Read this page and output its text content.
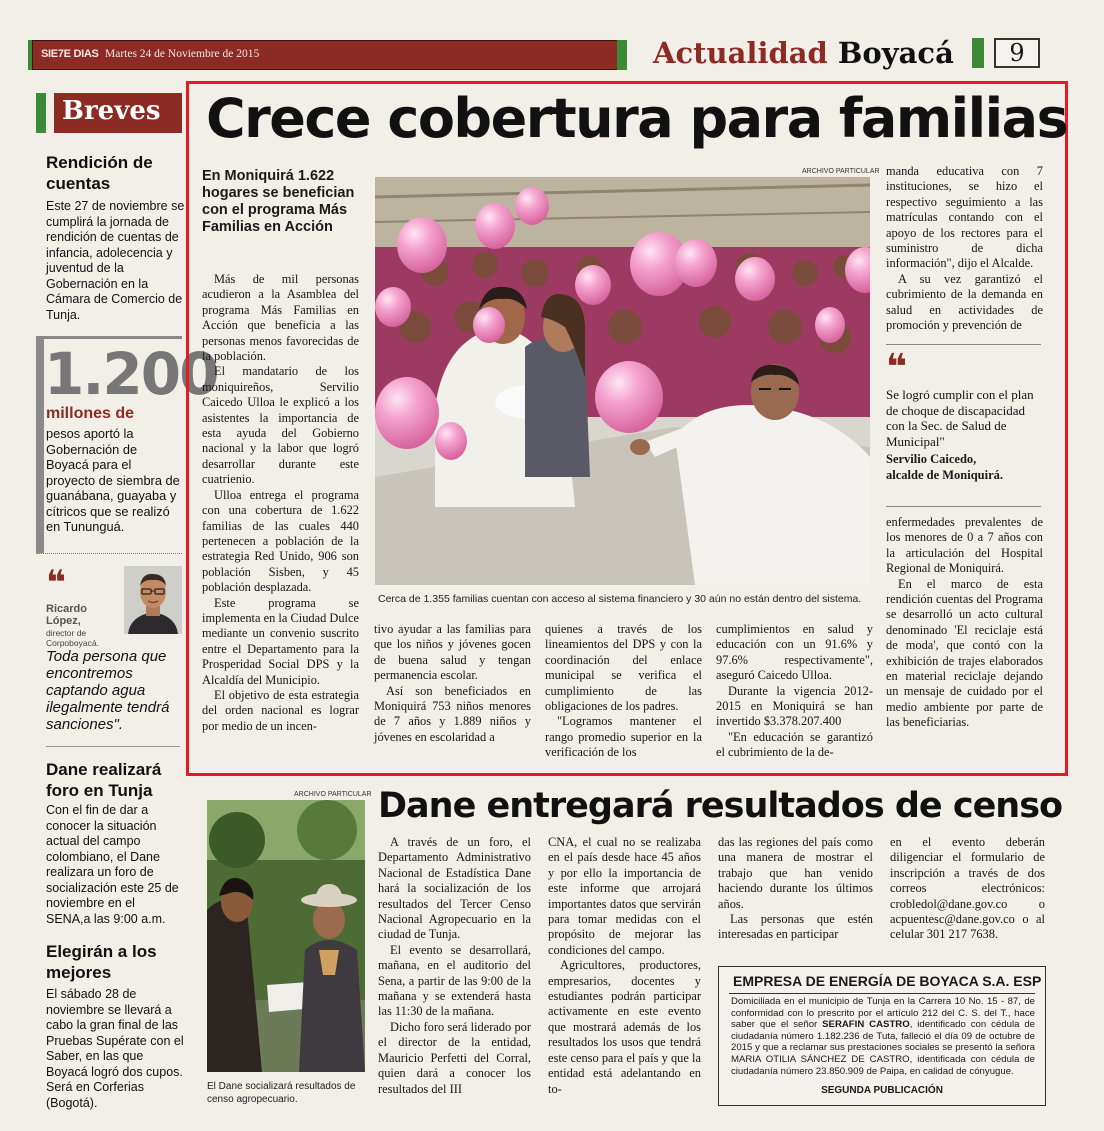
SIE7E DIAS Martes 24 de Noviembre de 2015	Actualidad Boyacá	9
Breves
Rendición de cuentas
Este 27 de noviembre se cumplirá la jornada de rendición de cuentas de infancia, adolecencia y juventud de la Gobernación en la Cámara de Comercio de Tunja.
1.200
millones de
pesos aportó la Gobernación de Boyacá para el proyecto de siembra de guanábana, guayaba y cítricos que se realizó en Tununguá.
❝
Ricardo López,
director de Corpoboyacá.
Toda persona que encontremos captando agua ilegalmente tendrá sanciones".
Dane realizará foro en Tunja
Con el fin de dar a conocer la situación actual del campo colombiano, el Dane realizara un foro de socialización este 25 de noviembre en el SENA,a las 9:00 a.m.
Elegirán a los mejores
El sábado 28 de noviembre se llevará a cabo la gran final de las Pruebas Supérate con el Saber, en las que Boyacá logró dos cupos. Será en Corferias (Bogotá).
Crece cobertura para familias
En Moniquirá 1.622 hogares se benefician con el programa Más Familias en Acción

Más de mil personas acudieron a la Asamblea del programa Más Familias en Acción que beneficia a las personas menos favorecidas de la población.

El mandatario de los moniquireños, Servilio Caicedo Ulloa le explicó a los asistentes la importancia de esta ayuda del Gobierno nacional y la labor que logró desarrollar durante este cuatrienio.

Ulloa entrega el programa con una cobertura de 1.622 familias de las cuales 440 pertenecen a población de la estrategia Red Unido, 906 son población Sisben, y 45 población desplazada.

Este programa se implementa en la Ciudad Dulce mediante un convenio suscrito entre el Departamento para la Prosperidad Social DPS y la Alcaldía del Municipio.

El objetivo de esta estrategia del orden nacional es lograr por medio de un incen-

ARCHIVO PARTICULAR
Cerca de 1.355 familias cuentan con acceso al sistema financiero y 30 aún no están dentro del sistema.

tivo ayudar a las familias para que los niños y jóvenes gocen de buena salud y tengan permanencia escolar.

Así son beneficiados en Moniquirá 753 niños menores de 7 años y 1.889 niños y jóvenes en escolaridad a

quienes a través de los lineamientos del DPS y con la coordinación del enlace municipal se verifica el cumplimiento de las obligaciones de los padres.

"Logramos mantener el rango promedio superior en la verificación de los

cumplimientos en salud y educación con un 91.6% y 97.6% respectivamente", aseguró Caicedo Ulloa.

Durante la vigencia 2012-2015 en Moniquirá se han invertido $3.378.207.400

"En educación se garantizó el cubrimiento de la de-

manda educativa con 7 instituciones, se hizo el respectivo seguimiento a las matrículas contando con el apoyo de los rectores para el suministro de dicha información", dijo el Alcalde.

A su vez garantizó el cubrimiento de la demanda en salud en actividades de promoción y prevención de

❝
Se logró cumplir con el plan de choque de discapacidad con la Sec. de Salud de Municipal"
Servilio Caicedo,
alcalde de Moniquirá.

enfermedades prevalentes de los menores de 0 a 7 años con la articulación del Hospital Regional de Moniquirá.

En el marco de esta rendición cuentas del Programa se desarrolló un acto cultural denominado 'El reciclaje está de moda', que contó con la exhibición de trajes elaborados en material reciclaje dejando un mensaje de cuidado por el medio ambiente por parte de las beneficiarias.

ARCHIVO PARTICULAR
El Dane socializará resultados de censo agropecuario.
Dane entregará resultados de censo

A través de un foro, el Departamento Administrativo Nacional de Estadística Dane hará la socialización de los resultados del Tercer Censo Nacional Agropecuario en la ciudad de Tunja.

El evento se desarrollará, mañana, en el auditorio del Sena, a partir de las 9:00 de la mañana y se extenderá hasta las 11:30 de la mañana.

Dicho foro será liderado por el director de la entidad, Mauricio Perfetti del Corral, quien dará a conocer los resultados del III

CNA, el cual no se realizaba en el país desde hace 45 años y por ello la importancia de este informe que arrojará importantes datos que servirán para tomar medidas con el propósito de mejorar las condiciones del campo.

Agricultores, productores, empresarios, docentes y estudiantes podrán participar activamente en este evento que mostrará además de los resultados los usos que tendrá este censo para el país y que la entidad está adelantando en to-

das las regiones del país como una manera de mostrar el trabajo que han venido haciendo durante los últimos años.

Las personas que estén interesadas en participar

en el evento deberán diligenciar el formulario de inscripción a través de dos correos electrónicos: crobledol@dane.gov.co o acpuentesc@dane.gov.co o al celular 301 217 7638.

EMPRESA DE ENERGÍA DE BOYACA S.A. ESP
Domiciliada en el municipio de Tunja en la Carrera 10 No. 15 - 87, de conformidad con lo prescrito por el artículo 212 del C. S. del T., hace saber que el señor SERAFIN CASTRO, identificado con cédula de ciudadanía número 1.182.236 de Tuta, falleció el día 09 de octubre de 2015 y que a reclamar sus prestaciones sociales se presentó la señora MARIA OTILIA SÁNCHEZ DE CASTRO, identificada con cédula de ciudadanía número 23.850.909 de Paipa, en calidad de cónyugue.
SEGUNDA PUBLICACIÓN
